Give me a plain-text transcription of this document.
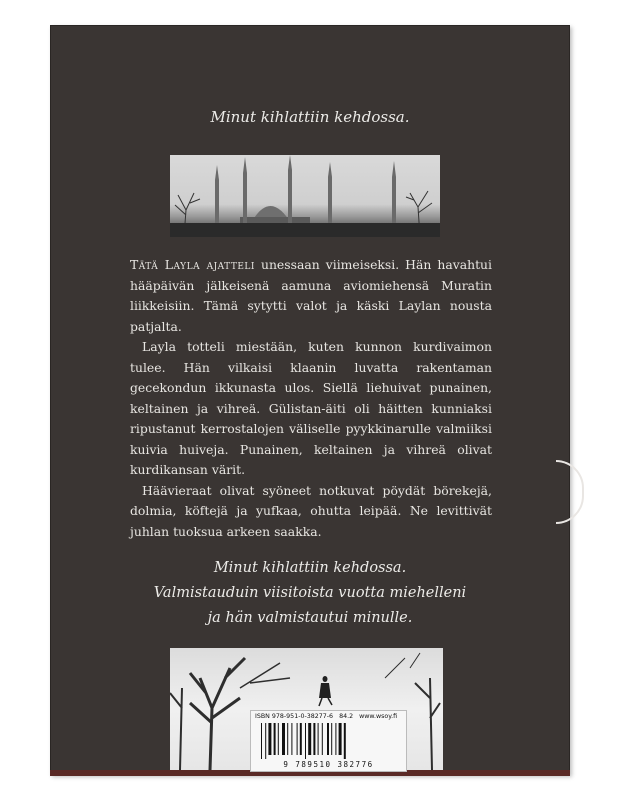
Minut kihlattiin kehdossa.

Tätä Layla ajatteli unessaan viimeiseksi. Hän havahtui hääpäivän jälkeisenä aamuna aviomiehensä Muratin liikkeisiin. Tämä sytytti valot ja käski Laylan nousta patjalta.

Layla totteli miestään, kuten kunnon kurdivaimon tulee. Hän vilkaisi klaanin luvatta rakentaman gecekondun ikkunasta ulos. Siellä liehuivat punainen, keltainen ja vihreä. Gülistan-äiti oli häitten kunniaksi ripustanut kerrostalojen väliselle pyykkinarulle valmiiksi kuivia huiveja. Punainen, keltainen ja vihreä olivat kurdikansan värit.

Häävieraat olivat syöneet notkuvat pöydät börekejä, dolmia, köftejä ja yufkaa, ohutta leipää. Ne levittivät juhlan tuoksua arkeen saakka.

Minut kihlattiin kehdossa.
Valmistauduin viisitoista vuotta miehelleni
ja hän valmistautui minulle.
ISBN 978-951-0-38277-6 84.2 www.wsoy.fi
9 789510 382776
